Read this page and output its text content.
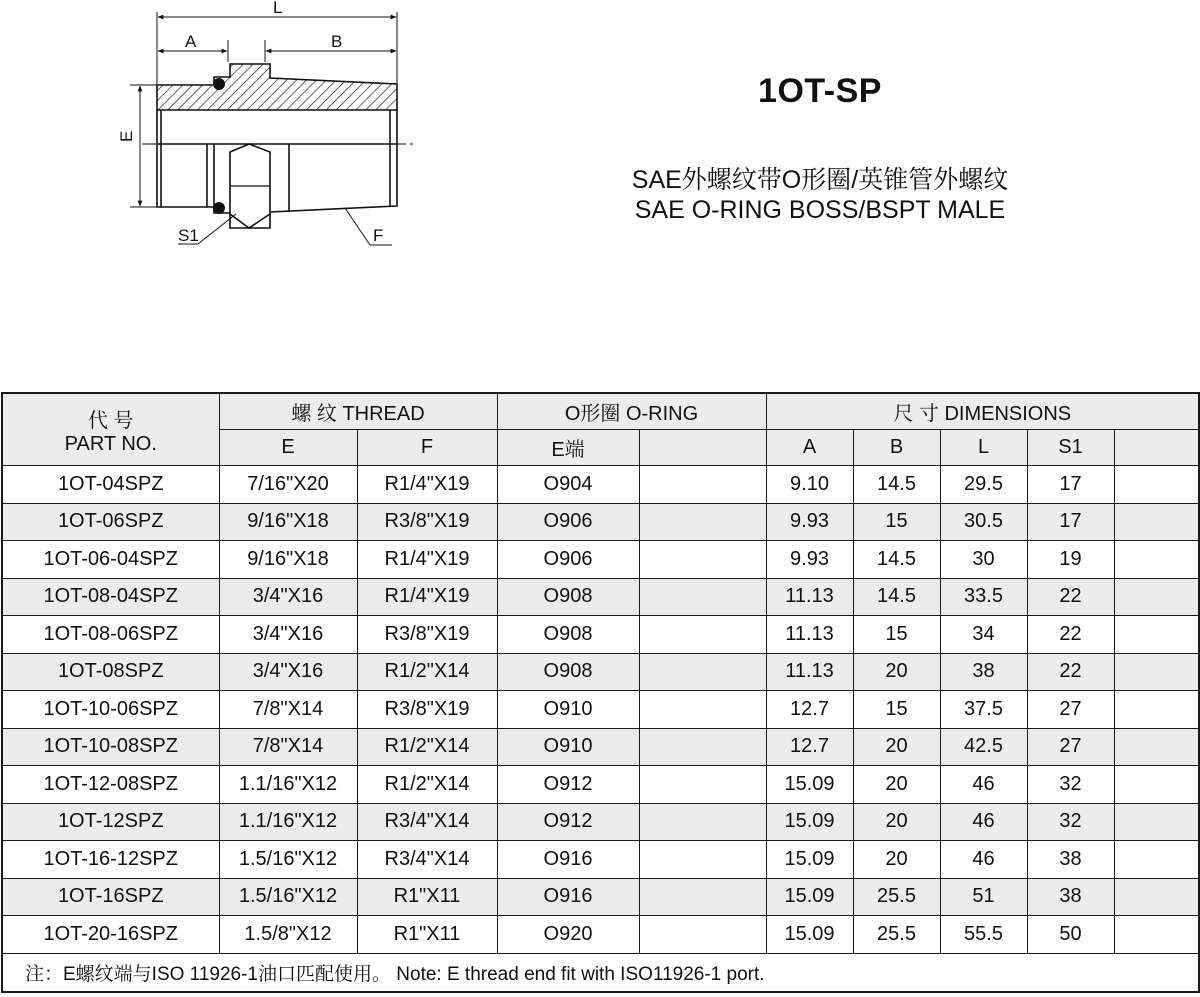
L
A	B
E
S1	F
1OT-SP
SAE外螺纹带O形圈/英锥管外螺纹
SAE O-RING BOSS/BSPT MALE
代 号
PART NO.	螺 纹 THREAD		O形圈 O-RING		尺 寸 DIMENSIONS				
	E	F	E端		A	B	L	S1	
1OT-04SPZ	7/16"X20	R1/4"X19	O904		9.10	14.5	29.5	17	
1OT-06SPZ	9/16"X18	R3/8"X19	O906		9.93	15	30.5	17	
1OT-06-04SPZ	9/16"X18	R1/4"X19	O906		9.93	14.5	30	19	
1OT-08-04SPZ	3/4"X16	R1/4"X19	O908		11.13	14.5	33.5	22	
1OT-08-06SPZ	3/4"X16	R3/8"X19	O908		11.13	15	34	22	
1OT-08SPZ	3/4"X16	R1/2"X14	O908		11.13	20	38	22	
1OT-10-06SPZ	7/8"X14	R3/8"X19	O910		12.7	15	37.5	27	
1OT-10-08SPZ	7/8"X14	R1/2"X14	O910		12.7	20	42.5	27	
1OT-12-08SPZ	1.1/16"X12	R1/2"X14	O912		15.09	20	46	32	
1OT-12SPZ	1.1/16"X12	R3/4"X14	O912		15.09	20	46	32	
1OT-16-12SPZ	1.5/16"X12	R3/4"X14	O916		15.09	20	46	38	
1OT-16SPZ	1.5/16"X12	R1"X11	O916		15.09	25.5	51	38	
1OT-20-16SPZ	1.5/8"X12	R1"X11	O920		15.09	25.5	55.5	50	
注：E螺纹端与ISO 11926-1油口匹配使用。 Note: E thread end fit with ISO11926-1 port.									
